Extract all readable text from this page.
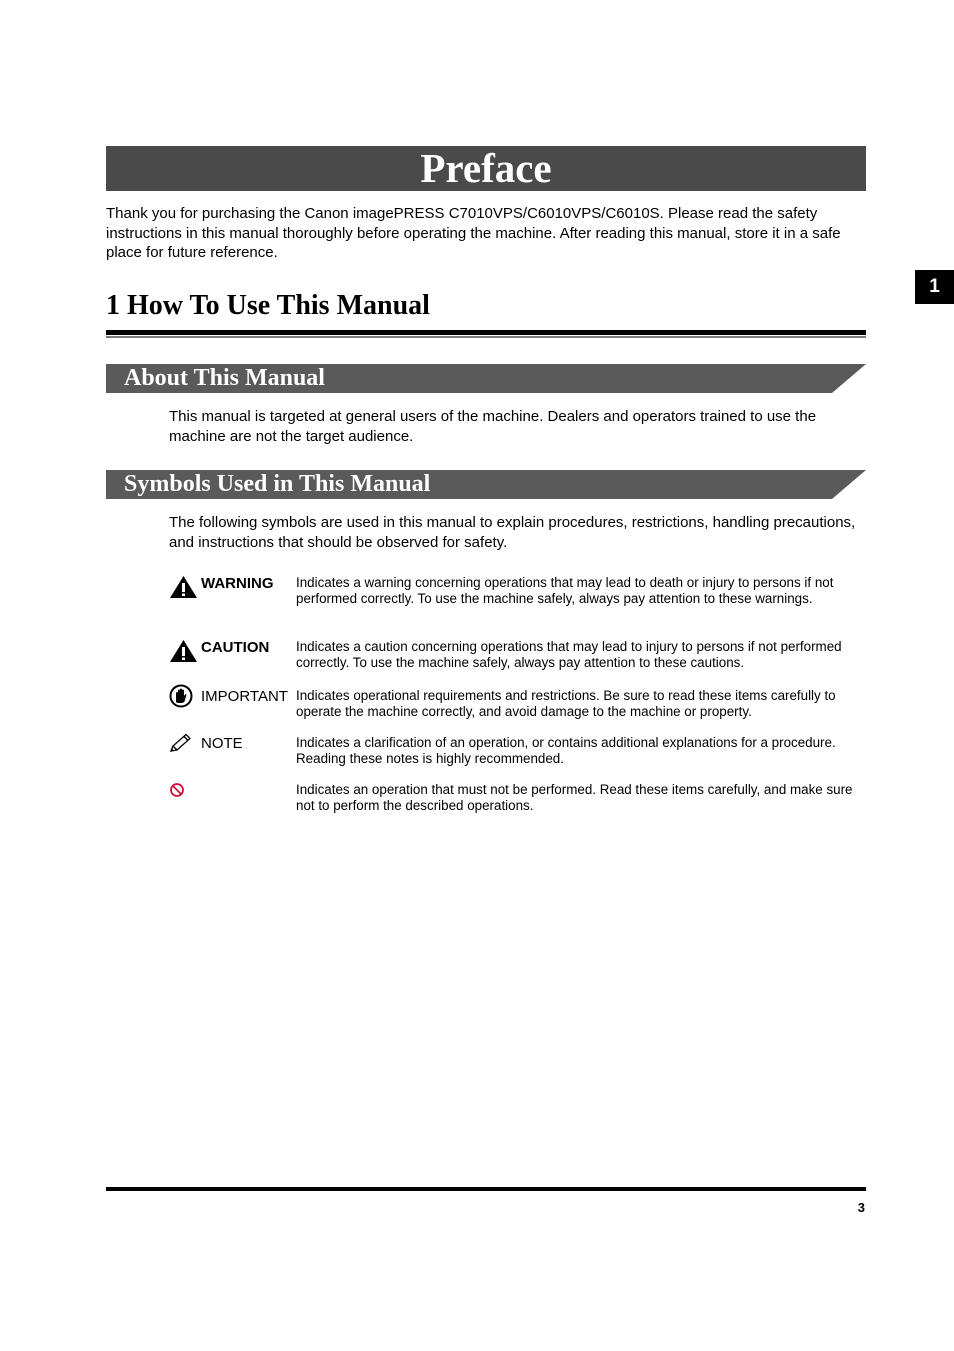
Preface
Thank you for purchasing the Canon imagePRESS C7010VPS/C6010VPS/C6010S. Please read the safety instructions in this manual thoroughly before operating the machine. After reading this manual, store it in a safe place for future reference.
1
1 How To Use This Manual
About This Manual
This manual is targeted at general users of the machine. Dealers and operators trained to use the machine are not the target audience.
Symbols Used in This Manual
The following symbols are used in this manual to explain procedures, restrictions, handling precautions, and instructions that should be observed for safety.
WARNING Indicates a warning concerning operations that may lead to death or injury to persons if not performed correctly. To use the machine safely, always pay attention to these warnings.
CAUTION Indicates a caution concerning operations that may lead to injury to persons if not performed correctly. To use the machine safely, always pay attention to these cautions.
IMPORTANT Indicates operational requirements and restrictions. Be sure to read these items carefully to operate the machine correctly, and avoid damage to the machine or property.
NOTE	Indicates a clarification of an operation, or contains additional explanations for a procedure. Reading these notes is highly recommended.
Indicates an operation that must not be performed. Read these items carefully, and make sure not to perform the described operations.
3
